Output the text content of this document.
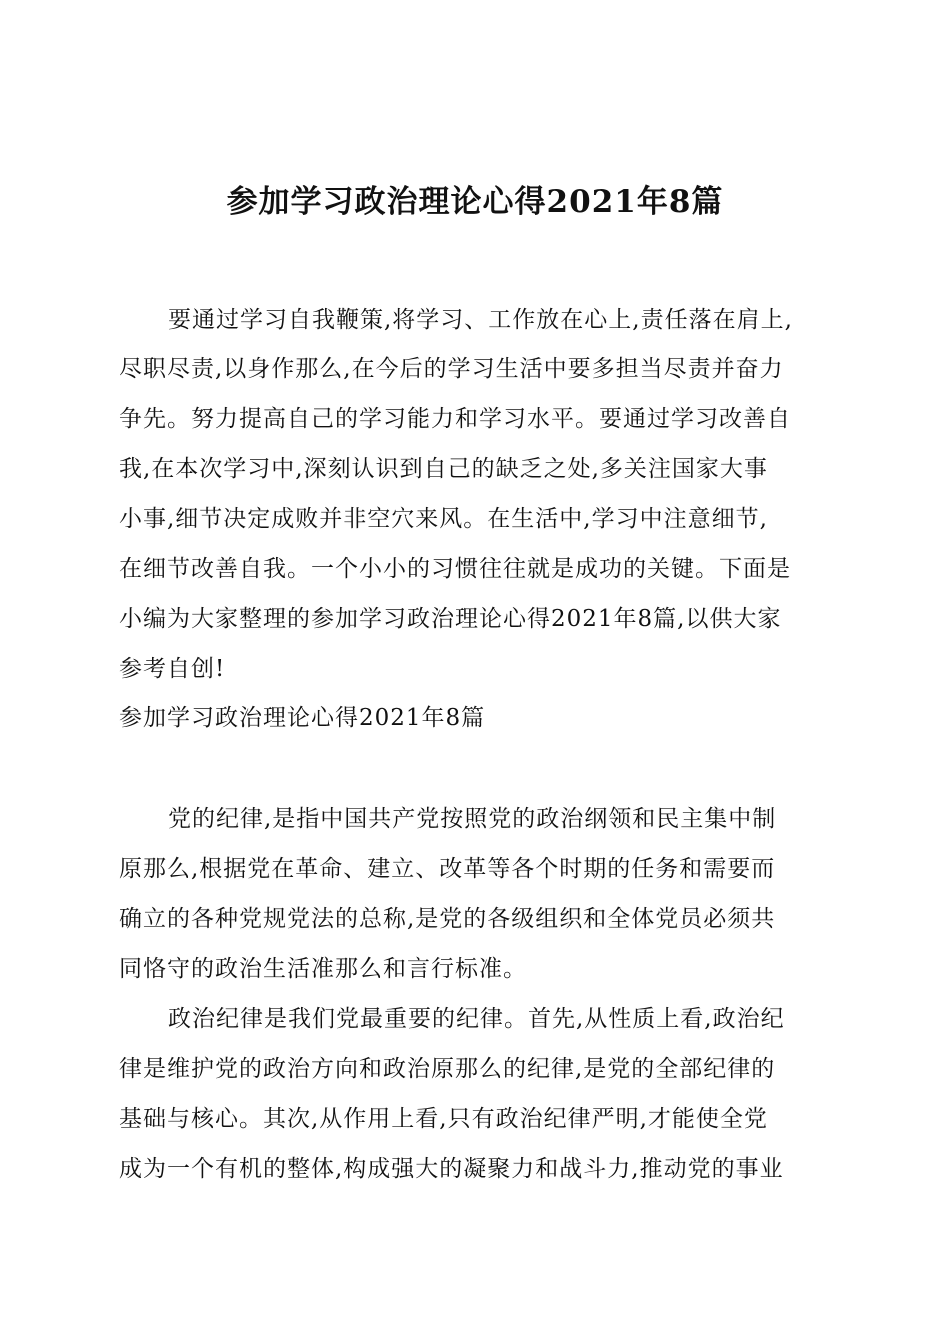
参加学习政治理论心得2021年8篇
要通过学习自我鞭策,将学习、工作放在心上,责任落在肩上,
尽职尽责,以身作那么,在今后的学习生活中要多担当尽责并奋力
争先。努力提高自己的学习能力和学习水平。要通过学习改善自
我,在本次学习中,深刻认识到自己的缺乏之处,多关注国家大事
小事,细节决定成败并非空穴来风。在生活中,学习中注意细节,
在细节改善自我。一个小小的习惯往往就是成功的关键。下面是
小编为大家整理的参加学习政治理论心得2021年8篇,以供大家
参考自创!
参加学习政治理论心得2021年8篇
党的纪律,是指中国共产党按照党的政治纲领和民主集中制
原那么,根据党在革命、建立、改革等各个时期的任务和需要而
确立的各种党规党法的总称,是党的各级组织和全体党员必须共
同恪守的政治生活准那么和言行标准。
政治纪律是我们党最重要的纪律。首先,从性质上看,政治纪
律是维护党的政治方向和政治原那么的纪律,是党的全部纪律的
基础与核心。其次,从作用上看,只有政治纪律严明,才能使全党
成为一个有机的整体,构成强大的凝聚力和战斗力,推动党的事业
